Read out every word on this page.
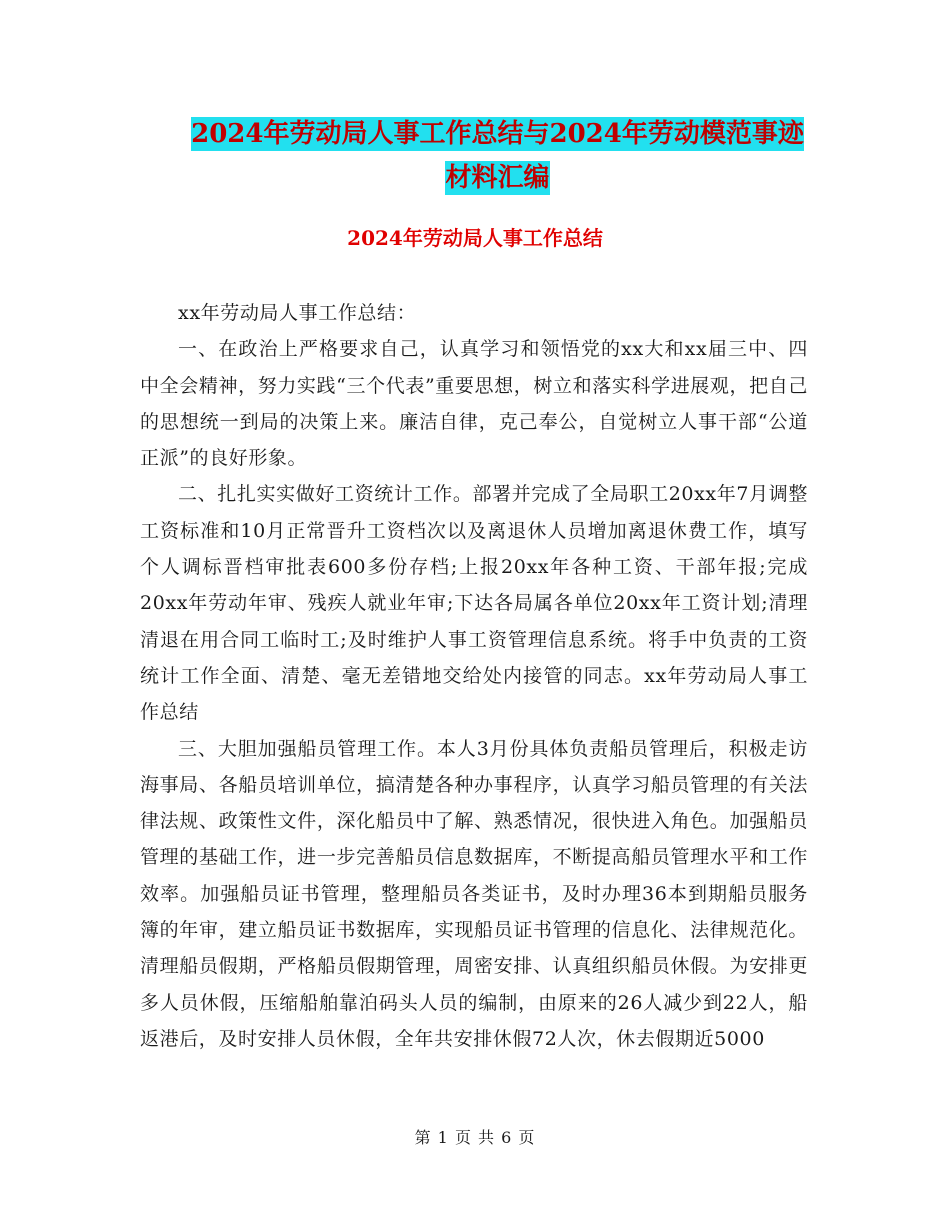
2024年劳动局人事工作总结与2024年劳动模范事迹材料汇编
2024年劳动局人事工作总结

xx年劳动局人事工作总结：

一、在政治上严格要求自己，认真学习和领悟党的xx大和xx届三中、四中全会精神，努力实践“三个代表”重要思想，树立和落实科学进展观，把自己的思想统一到局的决策上来。廉洁自律，克己奉公，自觉树立人事干部“公道正派”的良好形象。

二、扎扎实实做好工资统计工作。部署并完成了全局职工20xx年7月调整工资标准和10月正常晋升工资档次以及离退休人员增加离退休费工作，填写个人调标晋档审批表600多份存档;上报20xx年各种工资、干部年报;完成20xx年劳动年审、残疾人就业年审;下达各局属各单位20xx年工资计划;清理清退在用合同工临时工;及时维护人事工资管理信息系统。将手中负责的工资统计工作全面、清楚、毫无差错地交给处内接管的同志。xx年劳动局人事工作总结

三、大胆加强船员管理工作。本人3月份具体负责船员管理后，积极走访海事局、各船员培训单位，搞清楚各种办事程序，认真学习船员管理的有关法律法规、政策性文件，深化船员中了解、熟悉情况，很快进入角色。加强船员管理的基础工作，进一步完善船员信息数据库，不断提高船员管理水平和工作效率。加强船员证书管理，整理船员各类证书，及时办理36本到期船员服务簿的年审，建立船员证书数据库，实现船员证书管理的信息化、法律规范化。清理船员假期，严格船员假期管理，周密安排、认真组织船员休假。为安排更多人员休假，压缩船舶靠泊码头人员的编制，由原来的26人减少到22人，船返港后，及时安排人员休假，全年共安排休假72人次，休去假期近5000

第 1 页 共 6 页
